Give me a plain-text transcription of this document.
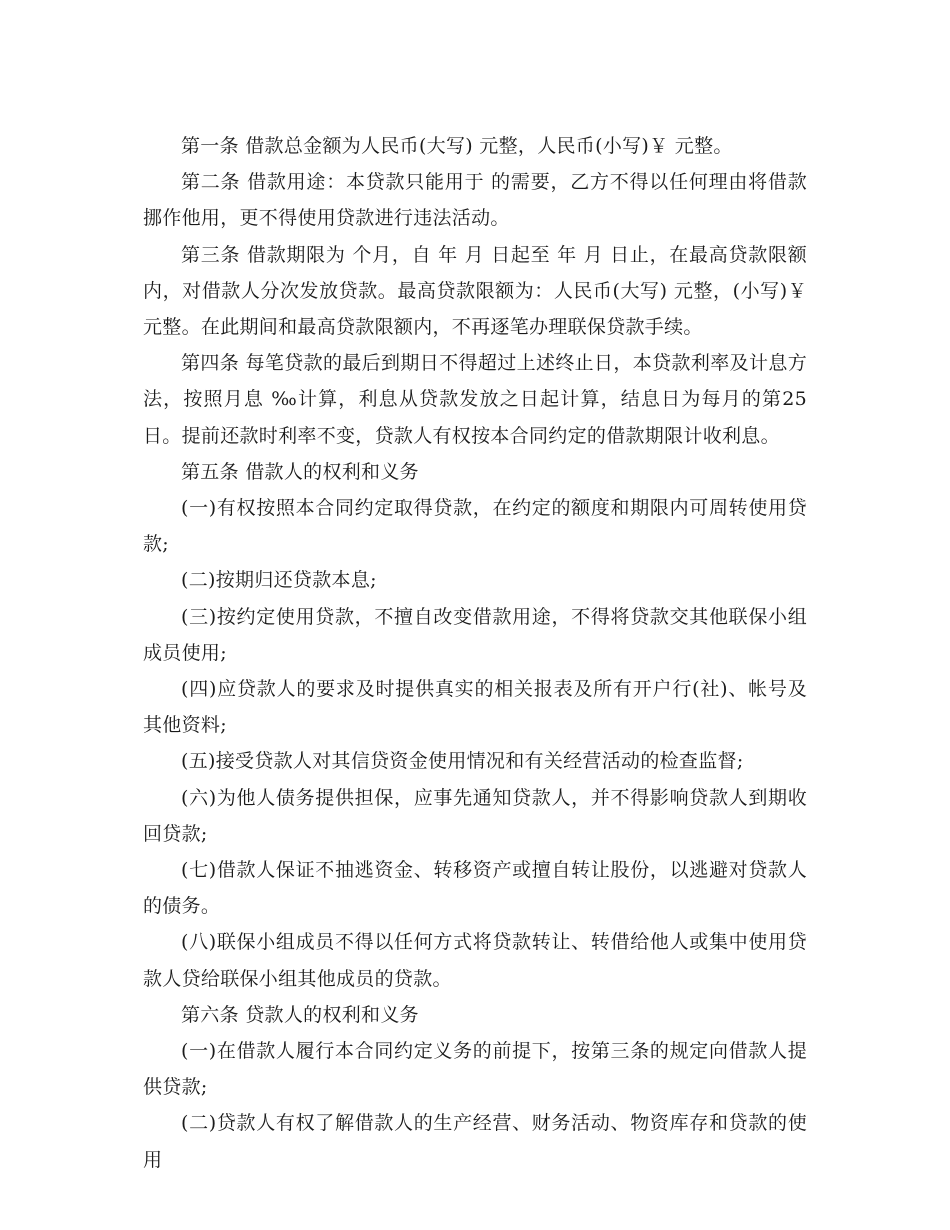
第一条 借款总金额为人民币(大写) 元整，人民币(小写)￥ 元整。

第二条 借款用途：本贷款只能用于 的需要，乙方不得以任何理由将借款挪作他用，更不得使用贷款进行违法活动。

第三条 借款期限为 个月，自 年 月 日起至 年 月 日止，在最高贷款限额内，对借款人分次发放贷款。最高贷款限额为：人民币(大写) 元整，(小写)￥ 元整。在此期间和最高贷款限额内，不再逐笔办理联保贷款手续。

第四条 每笔贷款的最后到期日不得超过上述终止日，本贷款利率及计息方法，按照月息 ‰计算，利息从贷款发放之日起计算，结息日为每月的第25日。提前还款时利率不变，贷款人有权按本合同约定的借款期限计收利息。

第五条 借款人的权利和义务

(一)有权按照本合同约定取得贷款，在约定的额度和期限内可周转使用贷款;

(二)按期归还贷款本息;

(三)按约定使用贷款，不擅自改变借款用途，不得将贷款交其他联保小组成员使用;

(四)应贷款人的要求及时提供真实的相关报表及所有开户行(社)、帐号及其他资料;

(五)接受贷款人对其信贷资金使用情况和有关经营活动的检查监督;

(六)为他人债务提供担保，应事先通知贷款人，并不得影响贷款人到期收回贷款;

(七)借款人保证不抽逃资金、转移资产或擅自转让股份，以逃避对贷款人的债务。

(八)联保小组成员不得以任何方式将贷款转让、转借给他人或集中使用贷款人贷给联保小组其他成员的贷款。

第六条 贷款人的权利和义务

(一)在借款人履行本合同约定义务的前提下，按第三条的规定向借款人提供贷款;

(二)贷款人有权了解借款人的生产经营、财务活动、物资库存和贷款的使用
